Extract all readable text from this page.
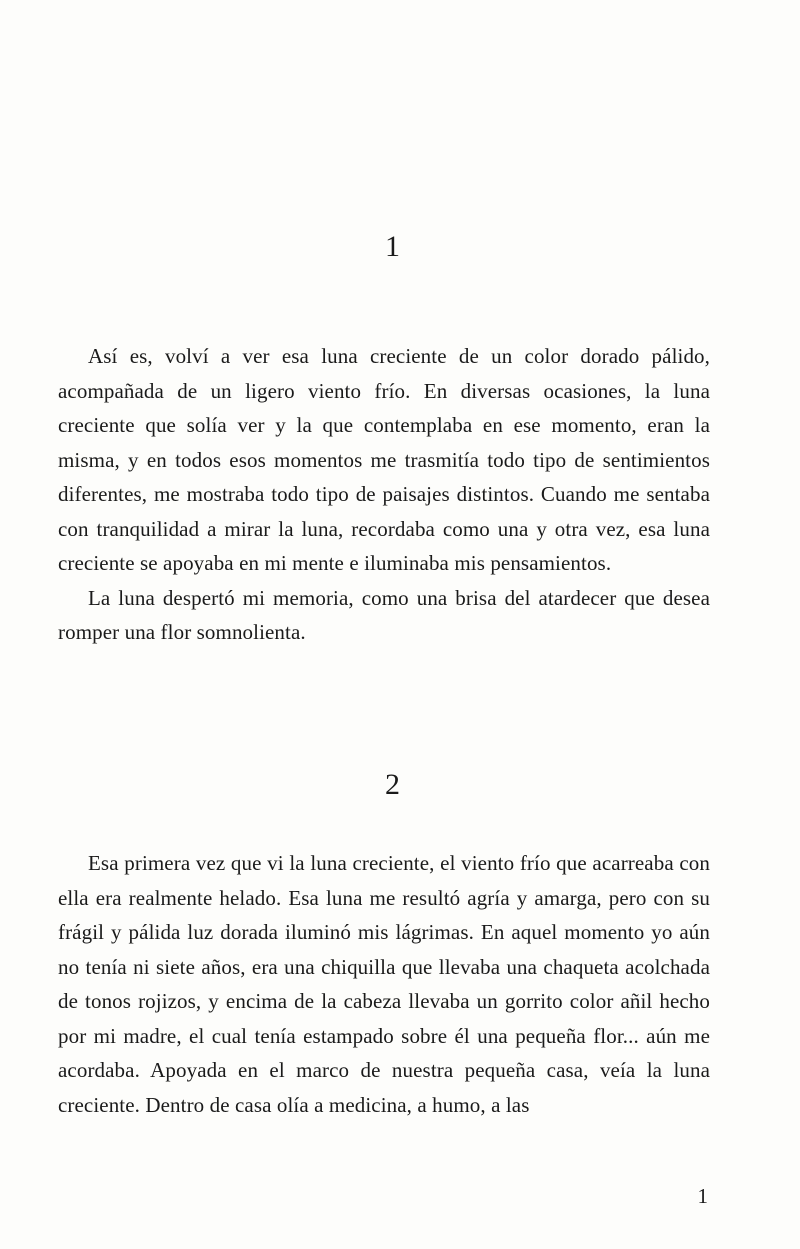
1

Así es, volví a ver esa luna creciente de un color dorado pálido, acompañada de un ligero viento frío. En diversas ocasiones, la luna creciente que solía ver y la que contemplaba en ese momento, eran la misma, y en todos esos momentos me trasmitía todo tipo de sentimientos diferentes, me mostraba todo tipo de paisajes distintos. Cuando me sentaba con tranquilidad a mirar la luna, recordaba como una y otra vez, esa luna creciente se apoyaba en mi mente e iluminaba mis pensamientos.

La luna despertó mi memoria, como una brisa del atardecer que desea romper una flor somnolienta.

2

Esa primera vez que vi la luna creciente, el viento frío que acarreaba con ella era realmente helado. Esa luna me resultó agría y amarga, pero con su frágil y pálida luz dorada iluminó mis lágrimas. En aquel momento yo aún no tenía ni siete años, era una chiquilla que llevaba una chaqueta acolchada de tonos rojizos, y encima de la cabeza llevaba un gorrito color añil hecho por mi madre, el cual tenía estampado sobre él una pequeña flor... aún me acordaba. Apoyada en el marco de nuestra pequeña casa, veía la luna creciente. Dentro de casa olía a medicina, a humo, a las

1
